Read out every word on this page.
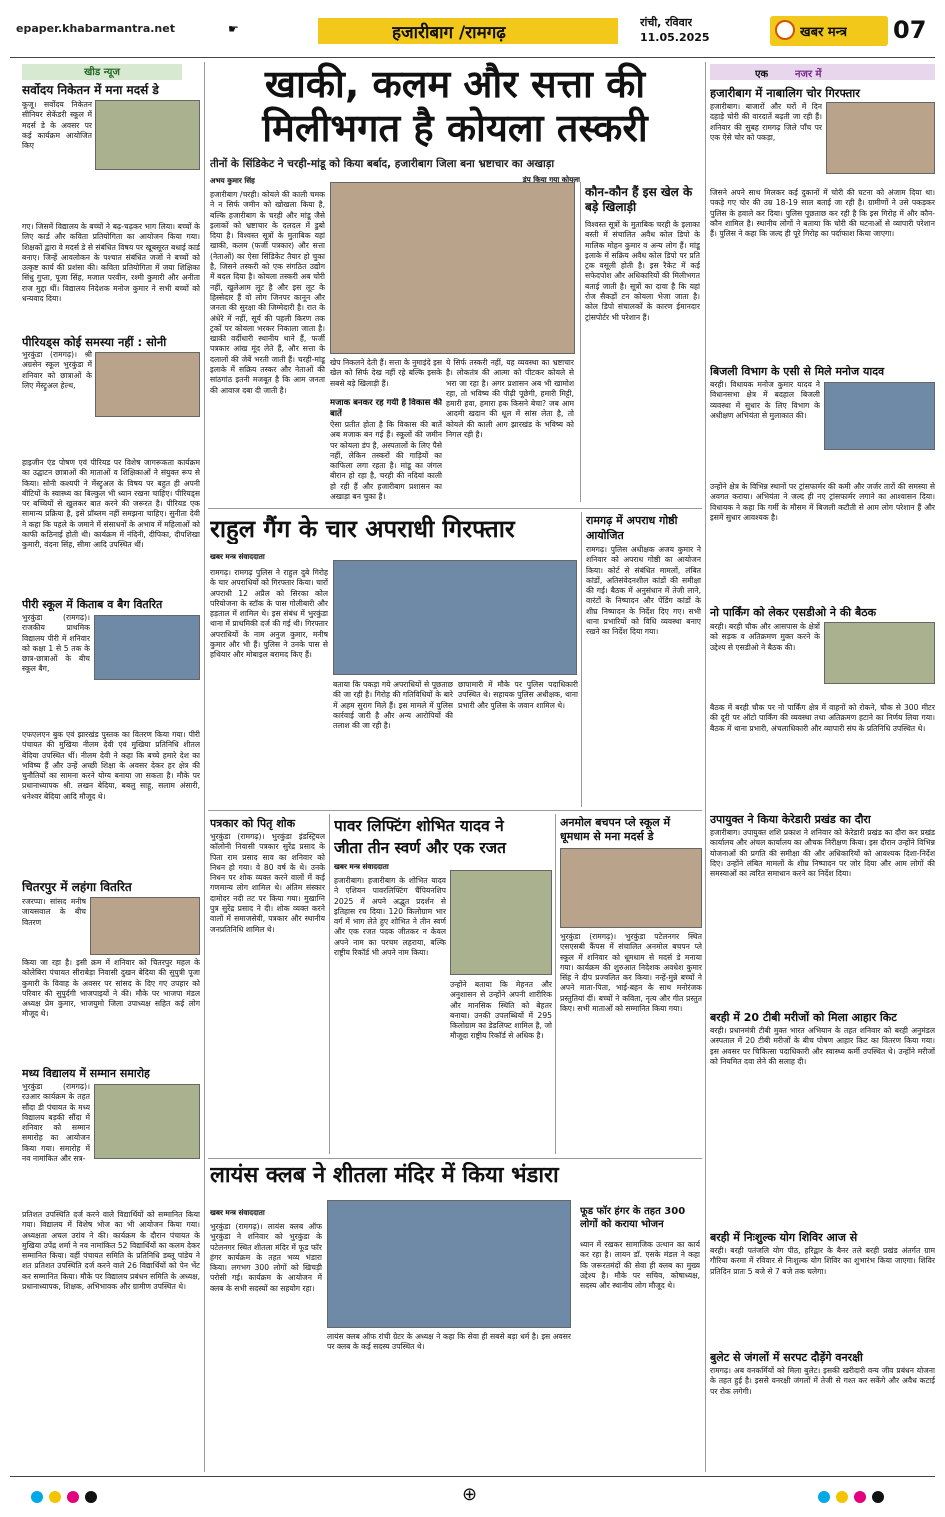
epaper.khabarmantra.net	☛	हजारीबाग /रामगढ़
रांची, रविवार
11.05.2025	खबर मन्त्र 07
खीड न्यूज
सर्वोदय निकेतन में मना मदर्स डे
कूजू। सर्वोदय निकेतन सीनियर सेकेंडरी स्कूल में मदर्स डे के अवसर पर कई कार्यक्रम आयोजित किए
गए। जिसमें विद्यालय के बच्चों ने बढ़-चढ़कर भाग लिया। बच्चों के लिए कार्ड और कविता प्रतियोगिता का आयोजन किया गया। शिक्षकों द्वारा वे मदर्स डे से संबंधित विषय पर खूबसूरत बधाई कार्ड बनाए। जिन्हें आवलोकन के पश्चात संबंधित जजों ने बच्चों को उत्कृष्ट कार्य की प्रशंसा की। कविता प्रतियोगिता में जया शिक्षिका सिंधु गुप्ता, पूजा सिंह, मजाल परवीन, रश्मी कुमारी और अनीता राज मुद्दा थीं। विद्यालय निदेशक मनोज कुमार ने सभी बच्चों को धन्यवाद दिया।
पीरियड्स कोई समस्या नहीं : सोनी
भुरकुंडा (रामगढ़)। श्री अग्रसेन स्कूल भुरकुंडा में शनिवार को छात्राओं के लिए मेंस्ट्रुअल हेल्थ,
हाइजीन एंड पोषण एवं पीरियड पर विशेष जागरूकता कार्यक्रम का उद्घाटन छात्राओं की माताओं व शिक्षिकाओं ने संयुक्त रूप से किया। सोनी कश्यपी ने मेंस्ट्रुअल के विषय पर बहुत ही अपनी बीटियों के स्वास्थ्य का बिल्कुल भी ध्यान रखना चाहिए। पीरियड्स पर बच्चियों से खुलकर बात करने की जरूरत है। पीरियड एक सामान्य प्रक्रिया है, इसे प्रॉब्लम नहीं समझना चाहिए। सुनीता देवी ने कहा कि पहले के जमाने में संसाधनों के अभाव में महिलाओं को काफी कठिनाई होती थी। कार्यक्रम में नंदिनी, दीपिका, दीपशिखा कुमारी, वंदना सिंह, सीमा आदि उपस्थित थीं।
पीरी स्कूल में किताब व बैग वितरित
भुरकुंडा (रामगढ़)। राजकीय प्राथमिक विद्यालय पीरी में शनिवार को कक्षा 1 से 5 तक के छात्र-छात्राओं के बीच स्कूल बैग,
एफएलएन बुक एवं झारखंड पुस्तक का वितरण किया गया। पीरी पंचायत की मुखिया नीलम देवी एवं मुखिया प्रतिनिधि शीतल बेदिया उपस्थित थीं। नीलम देवी ने कहा कि बच्चे हमारे देश का भविष्य हैं और उन्हें अच्छी शिक्षा के अवसर देकर हर क्षेत्र की चुनौतियों का सामना करने योग्य बनाया जा सकता है। मौके पर प्रधानाध्यापक श्री. लखन बेदिया, बबलु साहू, सलाम अंसारी, धनेश्वर बेदिया आदि मौजूद थे।
चितरपुर में लहंगा वितरित
रजरप्पा। सांसद मनीष जायसवाल के बीच वितरण
किया जा रहा है। इसी क्रम में शनिवार को चितरपुर महल के कोलेबिरा पंचायत सीराबेड़ा निवासी दुखन बेदिया की सुपुत्री पूजा कुमारी के विवाह के अवसर पर सांसद के दिए गए उपहार को परिवार की सुपुर्दगी भाजपाइयों ने की। मौके पर भाजपा मंडल अध्यक्ष प्रेम कुमार, भाजयुमो जिला उपाध्यक्ष सहित कई लोग मौजूद थे।
मध्य विद्यालय में सम्मान समारोह
भुरकुंडा (रामगढ़)। रउआर कार्यक्रम के तहत सौंदा डी पंचायत के मध्य विद्यालय बड़की सौंदा में शनिवार को सम्मान समारोह का आयोजन किया गया। समारोह में नव नामांकित और सत्र-
प्रतिशत उपस्थिति दर्ज करने वाले विद्यार्थियों को सम्मानित किया गया। विद्यालय में विशेष भोज का भी आयोजन किया गया। अध्यक्षता अचल उरांव ने की। कार्यक्रम के दौरान पंचायत के मुखिया उपेंद्र शर्मा ने नव नामांकित 52 विद्यार्थियों का कलम देकर सम्मानित किया। वहीं पंचायत समिति के प्रतिनिधि डब्लू पांडेय ने शत प्रतिशत उपस्थिति दर्ज करने वाले 26 विद्यार्थियों को पेन भेंट कर सम्मानित किया। मौके पर विद्यालय प्रबंधन समिति के अध्यक्ष, प्रधानाध्यापक, शिक्षक, अभिभावक और ग्रामीण उपस्थित थे।
खाकी, कलम और सत्ता की
मिलीभगत है कोयला तस्करी
तीनों के सिंडिकेट ने चरही-मांडू को किया बर्बाद, हजारीबाग जिला बना भ्रष्टाचार का अखाड़ा
अभय कुमार सिंह	डंप किया गया कोयला
हजारीबाग /चरही। कोयले की काली चमक ने न सिर्फ जमीन को खोखला किया है, बल्कि हजारीबाग के चरही और मांडू जैसे इलाकों को भ्रष्टाचार के दलदल में डुबो दिया है। विश्वस्त सूत्रों के मुताबिक यहां खाकी, कलम (फर्जी पत्रकार) और सत्ता (नेताओं) का ऐसा सिंडिकेट तैयार हो चुका है, जिसने तस्करी को एक संगठित उद्योग में बदल दिया है। कोयला तस्करी अब चोरी नहीं, खुलेआम लूट है और इस लूट के हिस्सेदार हैं वो लोग जिनपर कानून और जनता की सुरक्षा की जिम्मेदारी है। रात के अंधेरे में नहीं, सूर्य की पहली किरण तक ट्रकों पर कोयला भरकर निकाला जाता है। खाकी वर्दीधारी स्थानीय थाने हैं, फर्जी पत्रकार आंख मूंद लेते हैं, और सत्ता के दलालों की जेबें भरती जाती हैं। चरही-मांडू इलाके में सक्रिय तस्कर और नेताओं की सांठगांठ इतनी मजबूत है कि आम जनता की आवाज दबा दी जाती है।
खेप निकलने देती हैं। सत्ता के नुमाइंदे इस खेल को सिर्फ देख नहीं रहे बल्कि इसके सबसे बड़े खिलाड़ी हैं।
मजाक बनकर रह गयी है विकास की बातें
ऐसा प्रतीत होता है कि विकास की बातें अब मजाक बन गई हैं। स्कूलों की जमीन पर कोयला डंप है, अस्पतालों के लिए पैसे नहीं, लेकिन तस्करों की गाड़ियों का काफिला लगा रहता है। मांडू का जंगल बीरान हो रहा है, चरही की नदियां काली हो रही हैं और हजारीबाग प्रशासन का अखाड़ा बन चुका है।
ये सिर्फ तस्करी नहीं, यह व्यवस्था का भ्रष्टाचार है। लोकतंत्र की आत्मा को पीटकर कोयले से भरा जा रहा है। अगर प्रशासन अब भी खामोश रहा, तो भविष्य की पीढ़ी पूछेगी, हमारी मिट्टी, हमारी हवा, हमारा हक किसने बेचा? जब आम आदमी खदान की धूल में सांस लेता है, तो कोयले की काली आग झारखंड के भविष्य को निगल रही है।
कौन-कौन हैं इस खेल के बड़े खिलाड़ी
विश्वस्त सूत्रों के मुताबिक चरही के इलाका बस्ती में संचालित अवैध कोल डिपो के मालिक मोहन कुमार व अन्य लोग हैं। मांडू इलाके में सक्रिय अवैध कोल डिपो पर प्रति ट्रक वसूली होती है। इस रैकेट में कई सफेदपोश और अधिकारियों की मिलीभगत बताई जाती है। सूत्रों का दावा है कि यहां रोज सैकड़ों टन कोयला भेजा जाता है। कोल डिपो संचालकों के कारण ईमानदार ट्रांसपोर्टर भी परेशान हैं।
राहुल गैंग के चार अपराधी गिरफ्तार
खबर मन्त्र संवाददाता
रामगढ़। रामगढ़ पुलिस ने राहुल दुबे गिरोह के चार अपराधियों को गिरफ्तार किया। चारों अपराधी 12 अप्रैल को सिरका कोल परियोजना के स्टॉक के पास गोलीबारी और हड़ताल में शामिल थे। इस संबंध में भुरकुंडा थाना में प्राथमिकी दर्ज की गई थी। गिरफ्तार अपराधियों के नाम अनुज कुमार, मनीष कुमार और भी हैं। पुलिस ने उनके पास से हथियार और मोबाइल बरामद किए हैं।
बताया कि पकड़ा गये अपराधियों से पूछताछ की जा रही है। गिरोह की गतिविधियों के बारे में अहम सुराग मिले हैं। इस मामले में पुलिस कार्रवाई जारी है और अन्य आरोपियों की तलाश की जा रही है।
छापामारी में मौके पर पुलिस पदाधिकारी उपस्थित थे। सहायक पुलिस अधीक्षक, थाना प्रभारी और पुलिस के जवान शामिल थे।
रामगढ़ में अपराध गोष्ठी आयोजित
रामगढ़। पुलिस अधीक्षक अजय कुमार ने शनिवार को अपराध गोष्ठी का आयोजन किया। कोर्ट से संबंधित मामलों, लंबित कांडों, अतिसंवेदनशील कांडों की समीक्षा की गई। बैठक में अनुसंधान में तेजी लाने, वारंटों के निष्पादन और पेंडिंग कांडों के शीघ्र निष्पादन के निर्देश दिए गए। सभी थाना प्रभारियों को विधि व्यवस्था बनाए रखने का निर्देश दिया गया।
पत्रकार को पितृ शोक
भुरकुंडा (रामगढ़)। भुरकुंडा इंडस्ट्रियल कॉलोनी निवासी पत्रकार सुरेंद्र प्रसाद के पिता राम प्रसाद साव का शनिवार को निधन हो गया। वे 80 वर्ष के थे। उनके निधन पर शोक व्यक्त करने वालों में कई गणमान्य लोग शामिल थे। अंतिम संस्कार दामोदर नदी तट पर किया गया। मुखाग्नि पुत्र सुरेंद्र प्रसाद ने दी। शोक व्यक्त करने वालों में समाजसेवी, पत्रकार और स्थानीय जनप्रतिनिधि शामिल थे।
पावर लिफ्टिंग शोभित यादव ने
जीता तीन स्वर्ण और एक रजत
खबर मन्त्र संवाददाता
हजारीबाग। हजारीबाग के शोभित यादव ने एशियन पावरलिफ्टिंग चैंपियनशिप 2025 में अपने अद्भुत प्रदर्शन से इतिहास रच दिया। 120 किलोग्राम भार वर्ग में भाग लेते हुए शोभित ने तीन स्वर्ण और एक रजत पदक जीतकर न केवल अपने नाम का परचम लहराया, बल्कि राष्ट्रीय रिकॉर्ड भी अपने नाम किया।
उन्होंने बताया कि मेहनत और अनुशासन से उन्होंने अपनी शारीरिक और मानसिक स्थिति को बेहतर बनाया। उनकी उपलब्धियों में 295 किलोग्राम का डेडलिफ्ट शामिल है, जो मौजूदा राष्ट्रीय रिकॉर्ड से अधिक है।
अनमोल बचपन प्ले स्कूल में धूमधाम से मना मदर्स डे
भुरकुंडा (रामगढ़)। भुरकुंडा पटेलनगर स्थित एसएसबी कैंपस में संचालित अनमोल बचपन प्ले स्कूल में शनिवार को धूमधाम से मदर्स डे मनाया गया। कार्यक्रम की शुरुआत निदेशक अवधेश कुमार सिंह ने दीप प्रज्वलित कर किया। नन्हें-मुन्ने बच्चों ने अपने माता-पिता, भाई-बहन के साथ मनोरंजक प्रस्तुतियां दीं। बच्चों ने कविता, नृत्य और गीत प्रस्तुत किए। सभी माताओं को सम्मानित किया गया।
लायंस क्लब ने शीतला मंदिर में किया भंडारा
खबर मन्त्र संवाददाता
भुरकुंडा (रामगढ़)। लायंस क्लब ऑफ भुरकुंडा ने शनिवार को भुरकुंडा के पटेलनगर स्थित शीतला मंदिर में फूड फॉर हंगर कार्यक्रम के तहत भव्य भंडारा किया। लगभग 300 लोगों को खिचड़ी परोसी गई। कार्यक्रम के आयोजन में क्लब के सभी सदस्यों का सहयोग रहा।
लायंस क्लब ऑफ रांची ग्रेटर के अध्यक्ष ने कहा कि सेवा ही सबसे बड़ा धर्म है। इस अवसर पर क्लब के कई सदस्य उपस्थित थे।
फूड फॉर हंगर के तहत 300 लोगों को कराया भोजन
ध्यान में रखकर सामाजिक उत्थान का कार्य कर रहा है। लायन डॉ. एसके मंडल ने कहा कि जरूरतमंदों की सेवा ही क्लब का मुख्य उद्देश्य है। मौके पर सचिव, कोषाध्यक्ष, सदस्य और स्थानीय लोग मौजूद थे।
एक	नजर में
हजारीबाग में नाबालिग चोर गिरफ्तार
हजारीबाग। बाजारों और घरों में दिन दहाड़े चोरी की वारदातें बढ़ती जा रही हैं। शनिवार की सुबह रामगढ़ जिले पाँच पर एक ऐसे चोर को पकड़ा,
जिसने अपने साथ मिलकर कई दुकानों में चोरी की घटना को अंजाम दिया था। पकड़े गए चोर की उम्र 18-19 साल बताई जा रही है। ग्रामीणों ने उसे पकड़कर पुलिस के हवाले कर दिया। पुलिस पूछताछ कर रही है कि इस गिरोह में और कौन-कौन शामिल है। स्थानीय लोगों ने बताया कि चोरी की घटनाओं से व्यापारी परेशान हैं। पुलिस ने कहा कि जल्द ही पूरे गिरोह का पर्दाफाश किया जाएगा।
बिजली विभाग के एसी से मिले मनोज यादव
बरही। विधायक मनोज कुमार यादव ने विधानसभा क्षेत्र में बदहाल बिजली व्यवस्था में सुधार के लिए विभाग के अधीक्षण अभियंता से मुलाकात की।
उन्होंने क्षेत्र के विभिन्न स्थानों पर ट्रांसफार्मर की कमी और जर्जर तारों की समस्या से अवगत कराया। अभियंता ने जल्द ही नए ट्रांसफार्मर लगाने का आश्वासन दिया। विधायक ने कहा कि गर्मी के मौसम में बिजली कटौती से आम लोग परेशान हैं और इसमें सुधार आवश्यक है।
नो पार्किंग को लेकर एसडीओ ने की बैठक
बरही। बरही चौक और आसपास के क्षेत्रों को सड़क व अतिक्रमण मुक्त करने के उद्देश्य से एसडीओ ने बैठक की।
बैठक में बरही चौक पर नो पार्किंग क्षेत्र में वाहनों को रोकने, चौक से 300 मीटर की दूरी पर ऑटो पार्किंग की व्यवस्था तथा अतिक्रमण हटाने का निर्णय लिया गया। बैठक में थाना प्रभारी, अंचलाधिकारी और व्यापारी संघ के प्रतिनिधि उपस्थित थे।
उपायुक्त ने किया केरेडारी प्रखंड का दौरा
हजारीबाग। उपायुक्त शशि प्रकाश ने शनिवार को केरेडारी प्रखंड का दौरा कर प्रखंड कार्यालय और अंचल कार्यालय का औचक निरीक्षण किया। इस दौरान उन्होंने विभिन्न योजनाओं की प्रगति की समीक्षा की और अधिकारियों को आवश्यक दिशा-निर्देश दिए। उन्होंने लंबित मामलों के शीघ्र निष्पादन पर जोर दिया और आम लोगों की समस्याओं का त्वरित समाधान करने का निर्देश दिया।
बरही में 20 टीबी मरीजों को मिला आहार किट
बरही। प्रधानमंत्री टीबी मुक्त भारत अभियान के तहत शनिवार को बरही अनुमंडल अस्पताल में 20 टीबी मरीजों के बीच पोषण आहार किट का वितरण किया गया। इस अवसर पर चिकित्सा पदाधिकारी और स्वास्थ्य कर्मी उपस्थित थे। उन्होंने मरीजों को नियमित दवा लेने की सलाह दी।
बरही में निःशुल्क योग शिविर आज से
बरही। बरही पतंजलि योग पीठ, हरिद्वार के बैनर तले बरही प्रखंड अंतर्गत ग्राम गौरिया करमा में रविवार से निःशुल्क योग शिविर का शुभारंभ किया जाएगा। शिविर प्रतिदिन प्रातः 5 बजे से 7 बजे तक चलेगा।
बुलेट से जंगलों में सरपट दौड़ेंगे वनरक्षी
रामगढ़। अब वनकर्मियों को मिला बुलेट। इसकी खरीदारी वन्य जीव प्रबंधन योजना के तहत हुई है। इससे वनरक्षी जंगलों में तेजी से गश्त कर सकेंगे और अवैध कटाई पर रोक लगेगी।
⊕
